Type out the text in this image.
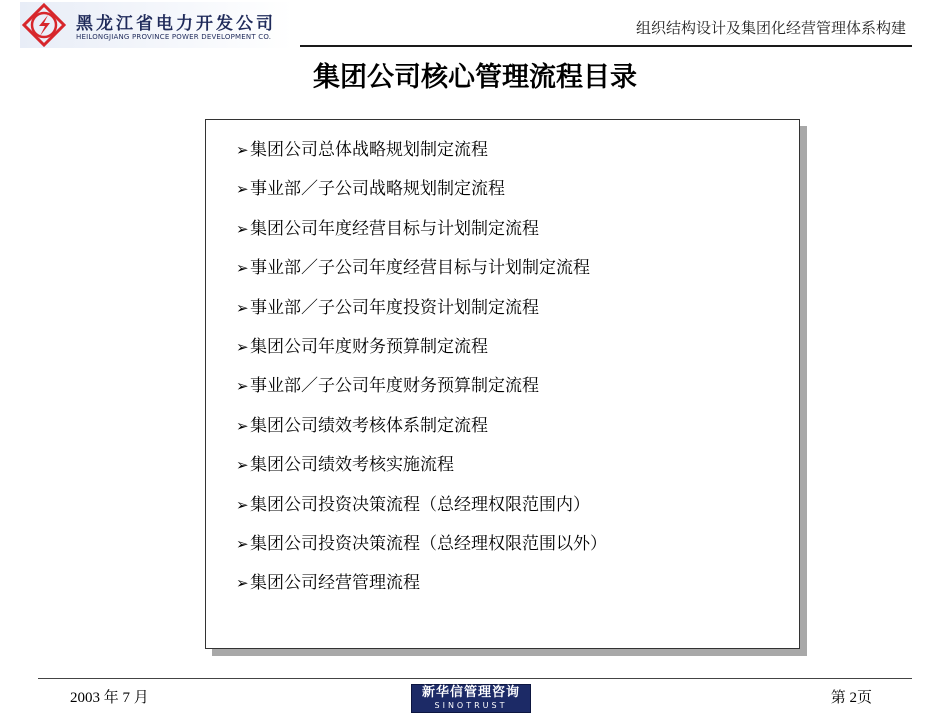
黑龙江省电力开发公司
HEILONGJIANG PROVINCE POWER DEVELOPMENT CO.	组织结构设计及集团化经营管理体系构建
集团公司核心管理流程目录
➢集团公司总体战略规划制定流程
➢事业部／子公司战略规划制定流程
➢集团公司年度经营目标与计划制定流程
➢事业部／子公司年度经营目标与计划制定流程
➢事业部／子公司年度投资计划制定流程
➢集团公司年度财务预算制定流程
➢事业部／子公司年度财务预算制定流程
➢集团公司绩效考核体系制定流程
➢集团公司绩效考核实施流程
➢集团公司投资决策流程（总经理权限范围内）
➢集团公司投资决策流程（总经理权限范围以外）
➢集团公司经营管理流程
2003 年 7 月	新华信管理咨询
SINOTRUST	第 2页
